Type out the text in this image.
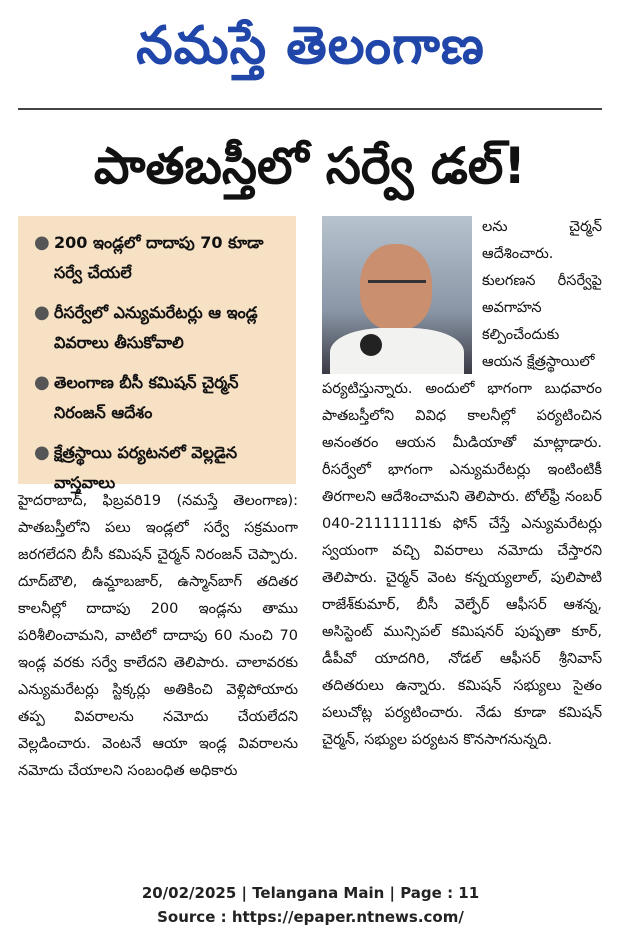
నమస్తే తెలంగాణ
పాతబస్తీలో సర్వే డల్!
● 200 ఇండ్లలో దాదాపు 70 కూడా సర్వే చేయలే
● రీసర్వేలో ఎన్యుమరేటర్లు ఆ ఇండ్ల వివరాలు తీసుకోవాలి
● తెలంగాణ బీసీ కమిషన్ చైర్మన్ నిరంజన్ ఆదేశం
● క్షేత్రస్థాయి పర్యటనలో వెల్లడైన వాస్తవాలు

లను చైర్మన్ ఆదేశించారు. కులగణన రీసర్వేపై అవగాహన కల్పించేందుకు ఆయన క్షేత్రస్థాయిలో

హైదరాబాద్, ఫిబ్రవరి19 (నమస్తే తెలంగాణ): పాతబస్తీలోని పలు ఇండ్లలో సర్వే సక్రమంగా జరగలేదని బీసీ కమిషన్ చైర్మన్ నిరంజన్ చెప్పారు. దూద్‌బౌలి, ఉమ్డాబజార్, ఉస్మాన్‌బాగ్ తదితర కాలనీల్లో దాదాపు 200 ఇండ్లను తాము పరిశీలించామని, వాటిలో దాదాపు 60 నుంచి 70 ఇండ్ల వరకు సర్వే కాలేదని తెలిపారు. చాలావరకు ఎన్యుమరేటర్లు స్టిక్కర్లు అతికించి వెళ్లిపోయారు తప్ప వివరాలను నమోదు చేయలేదని వెల్లడించారు. వెంటనే ఆయా ఇండ్ల వివరాలను నమోదు చేయాలని సంబంధిత అధికారు

పర్యటిస్తున్నారు. అందులో భాగంగా బుధవారం పాతబస్తీలోని వివిధ కాలనీల్లో పర్యటించిన అనంతరం ఆయన మీడియాతో మాట్లాడారు. రీసర్వేలో భాగంగా ఎన్యుమరేటర్లు ఇంటింటికీ తిరగాలని ఆదేశించామని తెలిపారు. టోల్‌ఫ్రీ నంబర్ 040-21111111కు ఫోన్ చేస్తే ఎన్యుమరేటర్లు స్వయంగా వచ్చి వివరాలు నమోదు చేస్తారని తెలిపారు. చైర్మన్ వెంట కన్నయ్యలాల్, పులిపాటి రాజేశ్‌కుమార్, బీసీ వెల్ఫేర్ ఆఫీసర్ ఆశన్న, అసిస్టెంట్ మున్సిపల్ కమిషనర్ పుష్పతా కూర్, డీపీవో యాదగిరి, నోడల్ ఆఫీసర్ శ్రీనివాస్ తదితరులు ఉన్నారు. కమిషన్ సభ్యులు సైతం పలుచోట్ల పర్యటించారు. నేడు కూడా కమిషన్ చైర్మన్, సభ్యుల పర్యటన కొనసాగనున్నది.

20/02/2025 | Telangana Main | Page : 11
Source : https://epaper.ntnews.com/
